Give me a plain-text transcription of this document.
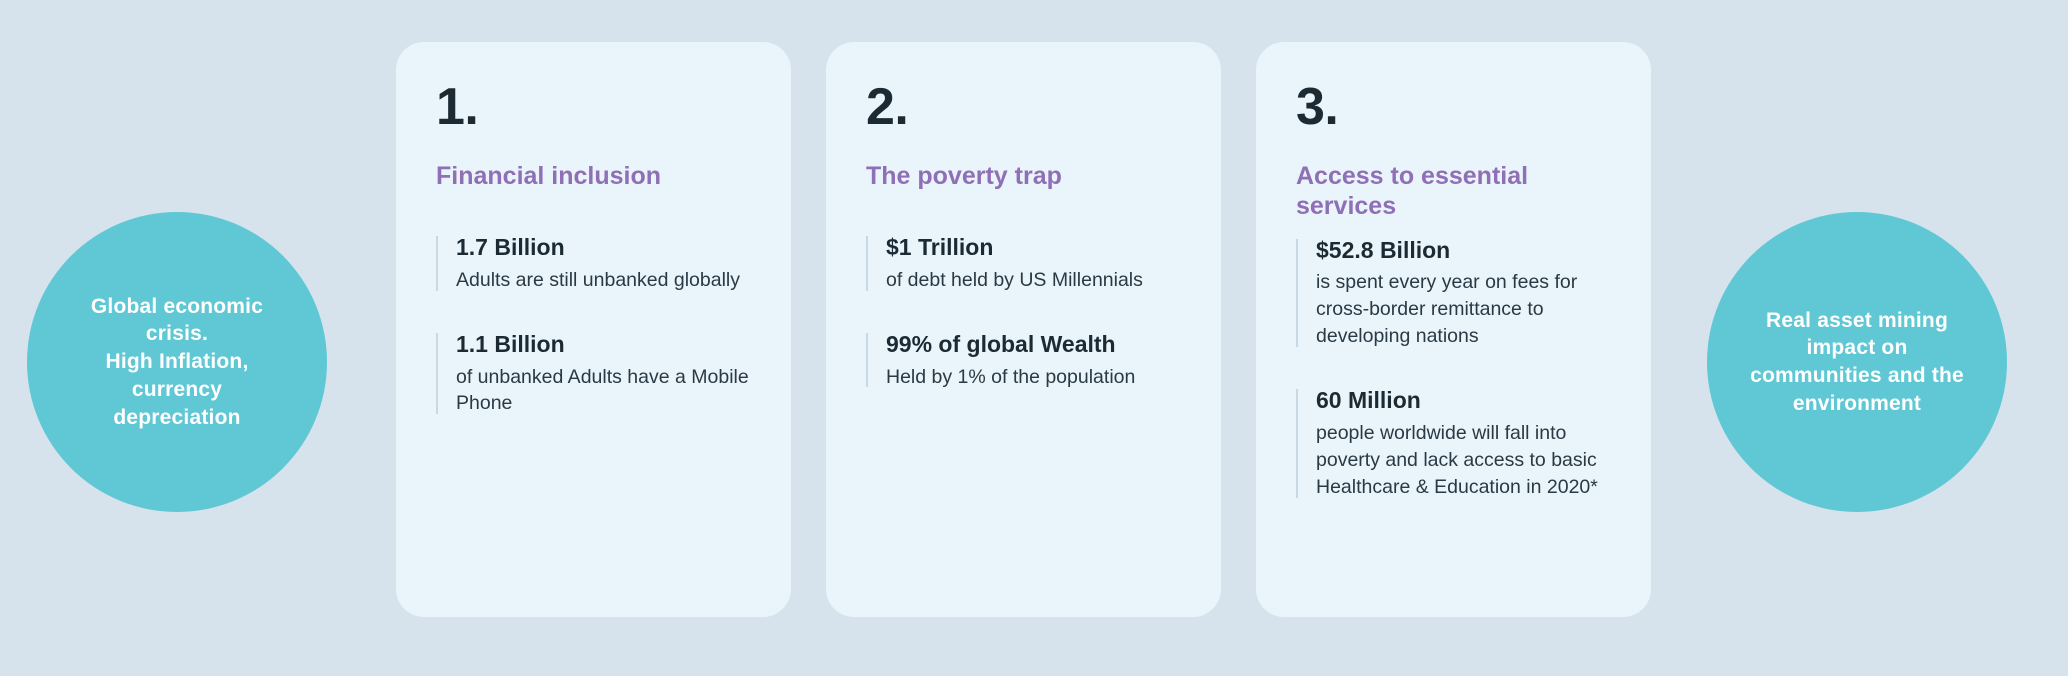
Global economic
crisis.
High Inflation,
currency
depreciation
1.
Financial inclusion
1.7 Billion
Adults are still unbanked globally
1.1 Billion
of unbanked Adults have a Mobile Phone
2.
The poverty trap
$1 Trillion
of debt held by US Millennials
99% of global Wealth
Held by 1% of the population
3.
Access to essential services
$52.8 Billion
is spent every year on fees for cross-border remittance to developing nations
60 Million
people worldwide will fall into poverty and lack access to basic Healthcare & Education in 2020*
Real asset mining
impact on
communities and the
environment
